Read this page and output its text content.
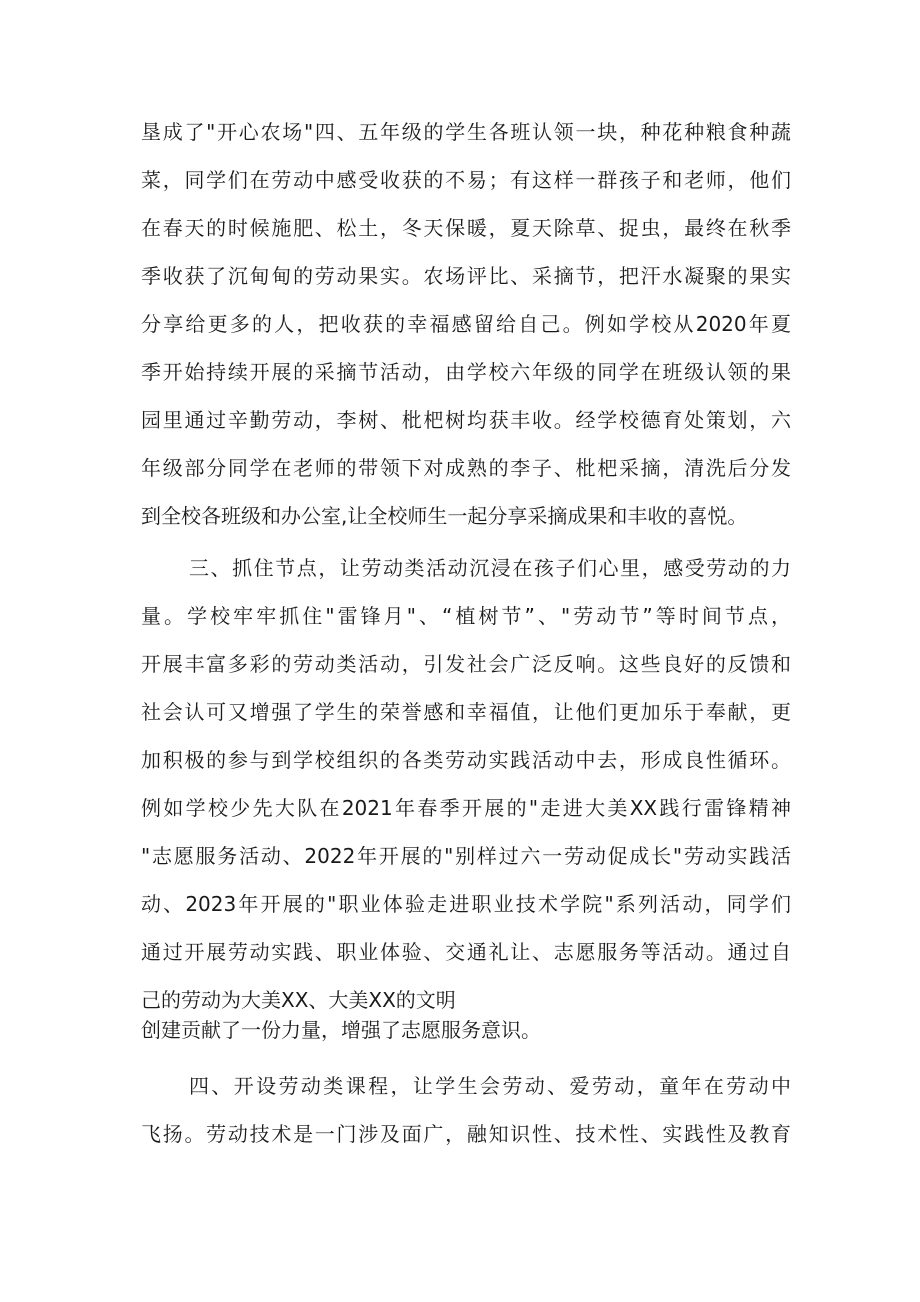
垦成了"开心农场"四、五年级的学生各班认领一块，种花种粮食种蔬
菜，同学们在劳动中感受收获的不易；有这样一群孩子和老师，他们
在春天的时候施肥、松土，冬天保暖，夏天除草、捉虫，最终在秋季
季收获了沉甸甸的劳动果实。农场评比、采摘节，把汗水凝聚的果实
分享给更多的人，把收获的幸福感留给自己。例如学校从2020年夏
季开始持续开展的采摘节活动，由学校六年级的同学在班级认领的果
园里通过辛勤劳动，李树、枇杷树均获丰收。经学校德育处策划，六
年级部分同学在老师的带领下对成熟的李子、枇杷采摘，清洗后分发
到全校各班级和办公室,让全校师生一起分享采摘成果和丰收的喜悦。
三、抓住节点，让劳动类活动沉浸在孩子们心里，感受劳动的力
量。学校牢牢抓住"雷锋月"、“植树节”、"劳动节”等时间节点，
开展丰富多彩的劳动类活动，引发社会广泛反响。这些良好的反馈和
社会认可又增强了学生的荣誉感和幸福值，让他们更加乐于奉献，更
加积极的参与到学校组织的各类劳动实践活动中去，形成良性循环。
例如学校少先大队在2021年春季开展的"走进大美XX践行雷锋精神
"志愿服务活动、2022年开展的"别样过六一劳动促成长"劳动实践活
动、2023年开展的"职业体验走进职业技术学院"系列活动，同学们
通过开展劳动实践、职业体验、交通礼让、志愿服务等活动。通过自
己的劳动为大美XX、大美XX的文明
创建贡献了一份力量，增强了志愿服务意识。
四、开设劳动类课程，让学生会劳动、爱劳动，童年在劳动中
飞扬。劳动技术是一门涉及面广，融知识性、技术性、实践性及教育
